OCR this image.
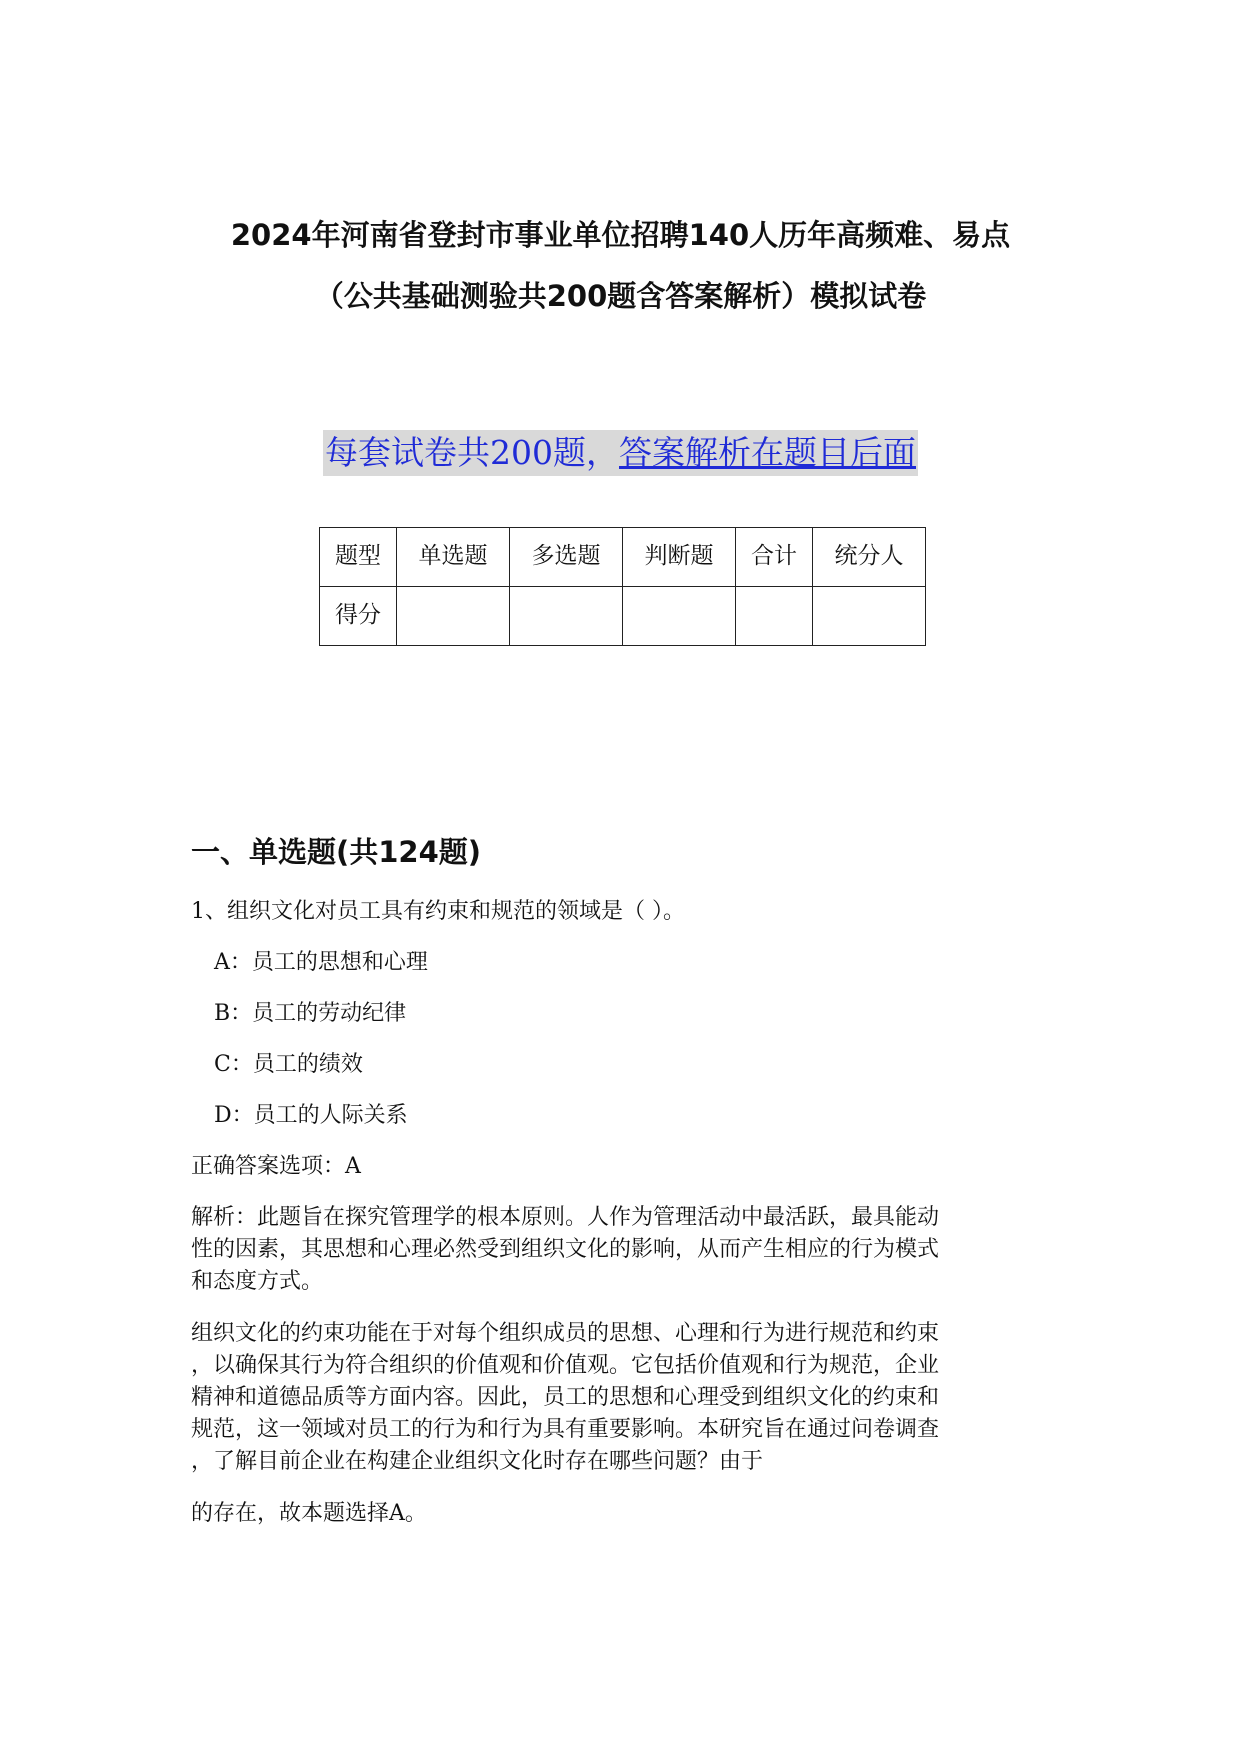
2024年河南省登封市事业单位招聘140人历年高频难、易点
（公共基础测验共200题含答案解析）模拟试卷
每套试卷共200题，答案解析在题目后面
题型	单选题	多选题	判断题	合计	统分人
得分					
一、单选题(共124题)
1、组织文化对员工具有约束和规范的领域是（ ）。
A：员工的思想和心理
B：员工的劳动纪律
C：员工的绩效
D：员工的人际关系
正确答案选项：A
解析：此题旨在探究管理学的根本原则。人作为管理活动中最活跃，最具能动
性的因素，其思想和心理必然受到组织文化的影响，从而产生相应的行为模式
和态度方式。
组织文化的约束功能在于对每个组织成员的思想、心理和行为进行规范和约束
，以确保其行为符合组织的价值观和价值观。它包括价值观和行为规范，企业
精神和道德品质等方面内容。因此，员工的思想和心理受到组织文化的约束和
规范，这一领域对员工的行为和行为具有重要影响。本研究旨在通过问卷调查
，了解目前企业在构建企业组织文化时存在哪些问题？由于
的存在，故本题选择A。
